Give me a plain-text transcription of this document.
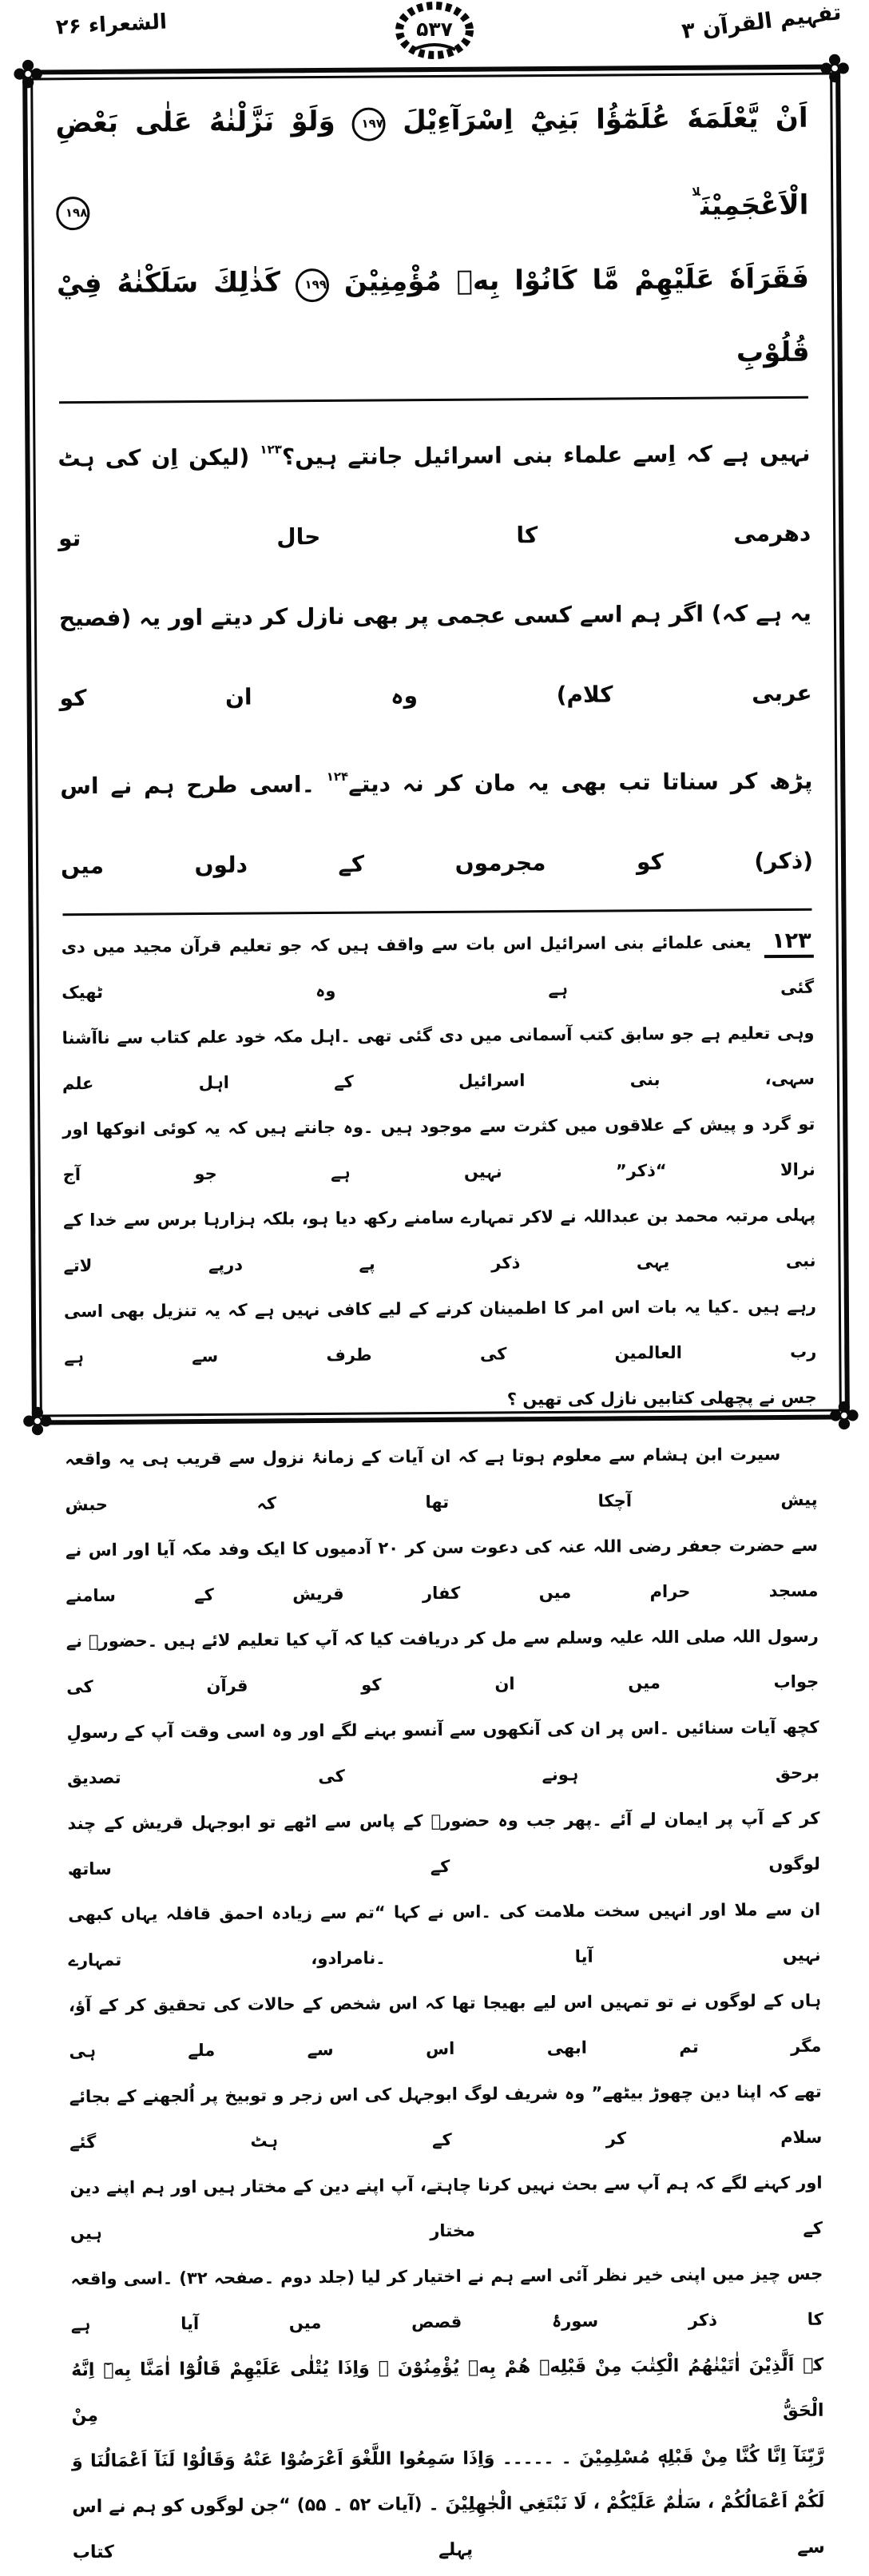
تفہیم القرآن ۳
۵۳۷
الشعراء ۲۶
اَنْ يَّعْلَمَهٗ عُلَمٰٓؤُا بَنِيْٓ اِسْرَآءِيْلَ ۱۹۷ وَلَوْ نَزَّلْنٰهُ عَلٰى بَعْضِ الْاَعْجَمِيْنَ$^{لا}$ ۱۹۸
فَقَرَاَهٗ عَلَيْهِمْ مَّا كَانُوْا بِهٖ مُؤْمِنِيْنَ ۱۹۹ كَذٰلِكَ سَلَكْنٰهُ فِيْ قُلُوْبِ
نہیں ہے کہ اِسے علماء بنی اسرائیل جانتے ہیں؟$^{۱۲۳}$ (لیکن اِن کی ہٹ دھرمی کا حال تو
یہ ہے کہ) اگر ہم اسے کسی عجمی پر بھی نازل کر دیتے اور یہ (فصیح عربی کلام) وہ ان کو
پڑھ کر سناتا تب بھی یہ مان کر نہ دیتے$^{۱۲۴}$ ۔اسی طرح ہم نے اس (ذکر) کو مجرموں کے دلوں میں
۱۲۳ یعنی علمائے بنی اسرائیل اس بات سے واقف ہیں کہ جو تعلیم قرآن مجید میں دی گئی ہے وہ ٹھیک
وہی تعلیم ہے جو سابق کتب آسمانی میں دی گئی تھی ۔اہل مکہ خود علم کتاب سے ناآشنا سہی، بنی اسرائیل کے اہل علم
تو گرد و پیش کے علاقوں میں کثرت سے موجود ہیں ۔وہ جانتے ہیں کہ یہ کوئی انوکھا اور نرالا “ذکر” نہیں ہے جو آج
پہلی مرتبہ محمد بن عبداللہ نے لاکر تمہارے سامنے رکھ دیا ہو، بلکہ ہزارہا برس سے خدا کے نبی یہی ذکر پے درپے لاتے
رہے ہیں ۔کیا یہ بات اس امر کا اطمینان کرنے کے لیے کافی نہیں ہے کہ یہ تنزیل بھی اسی رب العالمین کی طرف سے ہے
جس نے پچھلی کتابیں نازل کی تھیں ؟
سیرت ابن ہشام سے معلوم ہوتا ہے کہ ان آیات کے زمانۂ نزول سے قریب ہی یہ واقعہ پیش آچکا تھا کہ حبش
سے حضرت جعفر رضی اللہ عنہ کی دعوت سن کر ۲۰ آدمیوں کا ایک وفد مکہ آیا اور اس نے مسجد حرام میں کفار قریش کے سامنے
رسول اللہ صلی اللہ علیہ وسلم سے مل کر دریافت کیا کہ آپ کیا تعلیم لائے ہیں ۔حضورؐ نے جواب میں ان کو قرآن کی
کچھ آیات سنائیں ۔اس پر ان کی آنکھوں سے آنسو بہنے لگے اور وہ اسی وقت آپ کے رسولِ برحق ہونے کی تصدیق
کر کے آپ پر ایمان لے آئے ۔پھر جب وہ حضورؐ کے پاس سے اٹھے تو ابوجہل قریش کے چند لوگوں کے ساتھ
ان سے ملا اور انہیں سخت ملامت کی ۔اس نے کہا “تم سے زیادہ احمق قافلہ یہاں کبھی نہیں آیا ۔نامرادو، تمہارے
ہاں کے لوگوں نے تو تمہیں اس لیے بھیجا تھا کہ اس شخص کے حالات کی تحقیق کر کے آؤ، مگر تم ابھی اس سے ملے ہی
تھے کہ اپنا دین چھوڑ بیٹھے” وہ شریف لوگ ابوجہل کی اس زجر و توبیخ پر اُلجھنے کے بجائے سلام کر کے ہٹ گئے
اور کہنے لگے کہ ہم آپ سے بحث نہیں کرنا چاہتے، آپ اپنے دین کے مختار ہیں اور ہم اپنے دین کے مختار ہیں
جس چیز میں اپنی خیر نظر آئی اسے ہم نے اختیار کر لیا (جلد دوم ۔صفحہ ۳۲) ۔اسی واقعہ کا ذکر سورۂ قصص میں آیا ہے
کہ اَلَّذِيْنَ اٰتَيْنٰهُمُ الْكِتٰبَ مِنْ قَبْلِهٖ هُمْ بِهٖ يُؤْمِنُوْنَ ۔ وَاِذَا يُتْلٰى عَلَيْهِمْ قَالُوْٓا اٰمَنَّا بِهٖٓ اِنَّهُ الْحَقُّ مِنْ
رَّبِّنَآ اِنَّا كُنَّا مِنْ قَبْلِهٖ مُسْلِمِيْنَ ۔ ۔۔۔۔۔ وَاِذَا سَمِعُوا اللَّغْوَ اَعْرَضُوْا عَنْهُ وَقَالُوْا لَنَآ اَعْمَالُنَا وَ
لَكُمْ اَعْمَالُكُمْ ، سَلٰمٌ عَلَيْكُمْ ، لَا نَبْتَغِي الْجٰهِلِيْنَ ۔ (آیات ۵۲ ۔ ۵۵) “جن لوگوں کو ہم نے اس سے پہلے کتاب
